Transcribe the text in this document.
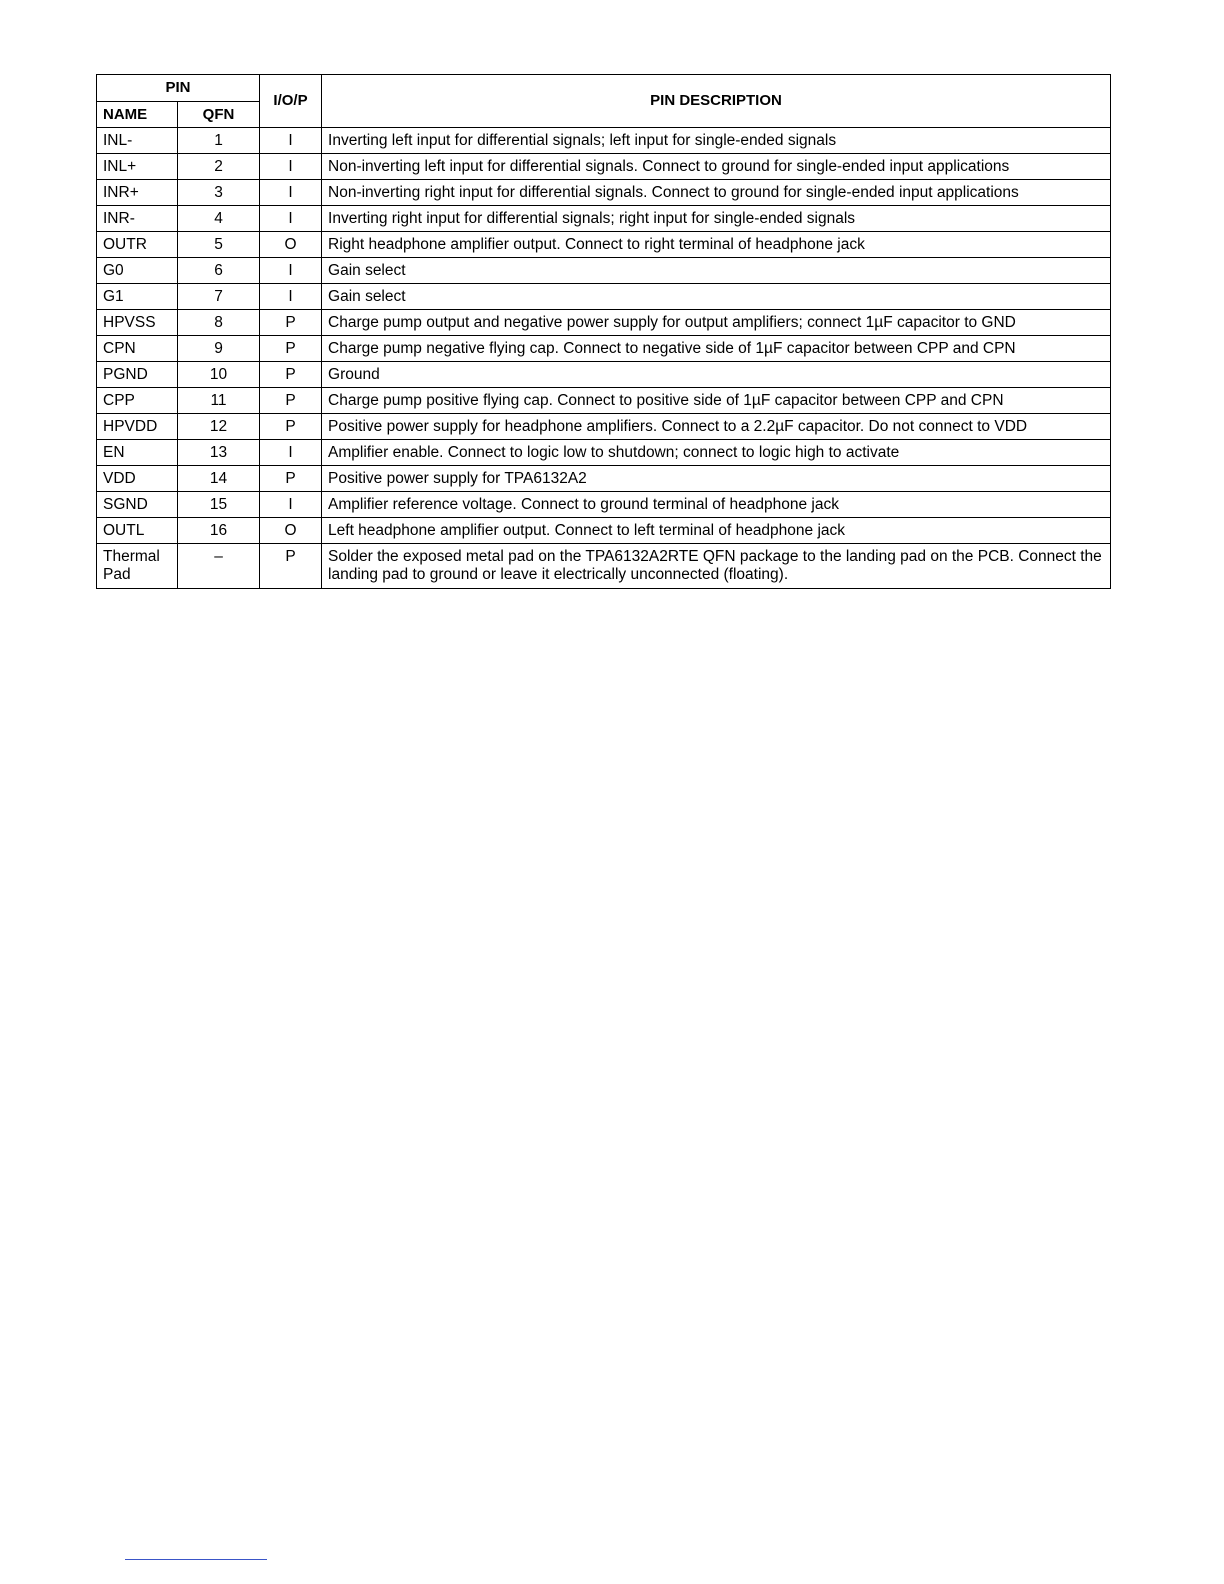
PIN		I/O/P	PIN DESCRIPTION
NAME	QFN		
INL-	1	I	Inverting left input for differential signals; left input for single-ended signals
INL+	2	I	Non-inverting left input for differential signals. Connect to ground for single-ended input applications
INR+	3	I	Non-inverting right input for differential signals. Connect to ground for single-ended input applications
INR-	4	I	Inverting right input for differential signals; right input for single-ended signals
OUTR	5	O	Right headphone amplifier output. Connect to right terminal of headphone jack
G0	6	I	Gain select
G1	7	I	Gain select
HPVSS	8	P	Charge pump output and negative power supply for output amplifiers; connect 1µF capacitor to GND
CPN	9	P	Charge pump negative flying cap. Connect to negative side of 1µF capacitor between CPP and CPN
PGND	10	P	Ground
CPP	11	P	Charge pump positive flying cap. Connect to positive side of 1µF capacitor between CPP and CPN
HPVDD	12	P	Positive power supply for headphone amplifiers. Connect to a 2.2µF capacitor. Do not connect to VDD
EN	13	I	Amplifier enable. Connect to logic low to shutdown; connect to logic high to activate
VDD	14	P	Positive power supply for TPA6132A2
SGND	15	I	Amplifier reference voltage. Connect to ground terminal of headphone jack
OUTL	16	O	Left headphone amplifier output. Connect to left terminal of headphone jack
Thermal Pad	–	P	Solder the exposed metal pad on the TPA6132A2RTE QFN package to the landing pad on the PCB. Connect the landing pad to ground or leave it electrically unconnected (floating).
